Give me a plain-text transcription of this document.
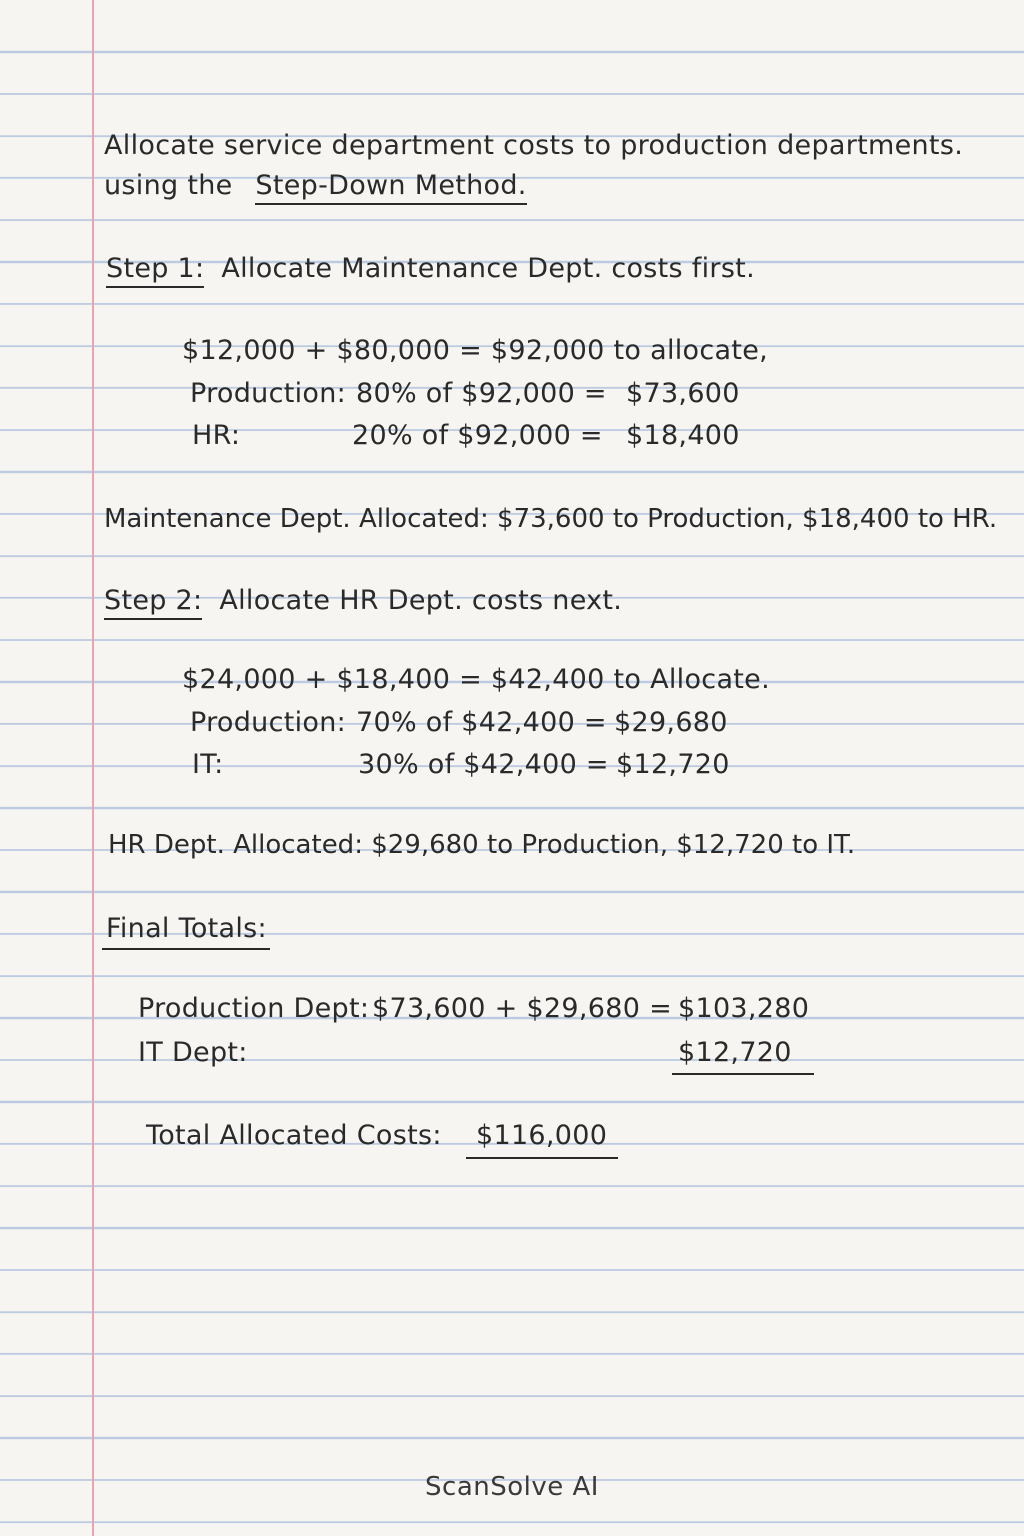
Allocate service department costs to production departments.
using the Step-Down Method.
Step 1: Allocate Maintenance Dept. costs first.
$12,000 + $80,000 = $92,000 to allocate,
Production: 80% of $92,000 = $73,600
HR:	20% of $92,000 = $18,400
Maintenance Dept. Allocated: $73,600 to Production, $18,400 to HR.
Step 2: Allocate HR Dept. costs next.
$24,000 + $18,400 = $42,400 to Allocate.
Production: 70% of $42,400 = $29,680
IT:	30% of $42,400 = $12,720
HR Dept. Allocated: $29,680 to Production, $12,720 to IT.
Final Totals:
Production Dept: $73,600 + $29,680 = $103,280
IT Dept:	$12,720
Total Allocated Costs: $116,000
ScanSolve AI
